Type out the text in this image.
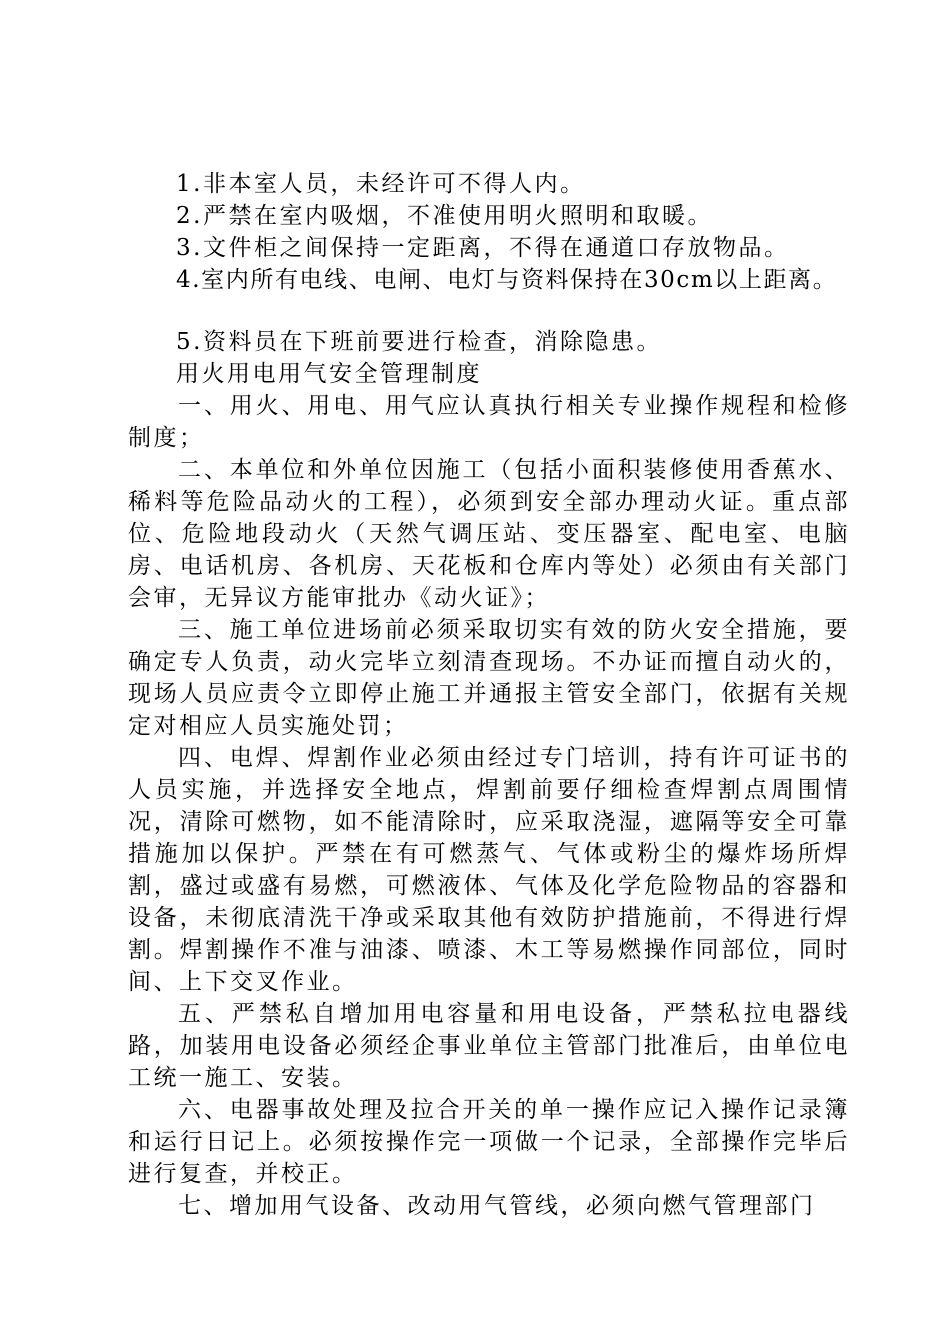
1.非本室人员，未经许可不得人内。

2.严禁在室内吸烟，不准使用明火照明和取暖。

3.文件柜之间保持一定距离，不得在通道口存放物品。

4.室内所有电线、电闸、电灯与资料保持在30cm以上距离。

5.资料员在下班前要进行检查，消除隐患。

用火用电用气安全管理制度

一、用火、用电、用气应认真执行相关专业操作规程和检修制度；

二、本单位和外单位因施工（包括小面积装修使用香蕉水、稀料等危险品动火的工程），必须到安全部办理动火证。重点部位、危险地段动火（天然气调压站、变压器室、配电室、电脑房、电话机房、各机房、天花板和仓库内等处）必须由有关部门会审，无异议方能审批办《动火证》；

三、施工单位进场前必须采取切实有效的防火安全措施，要确定专人负责，动火完毕立刻清查现场。不办证而擅自动火的，现场人员应责令立即停止施工并通报主管安全部门，依据有关规定对相应人员实施处罚；

四、电焊、焊割作业必须由经过专门培训，持有许可证书的人员实施，并选择安全地点，焊割前要仔细检查焊割点周围情况，清除可燃物，如不能清除时，应采取浇湿，遮隔等安全可靠措施加以保护。严禁在有可燃蒸气、气体或粉尘的爆炸场所焊割，盛过或盛有易燃，可燃液体、气体及化学危险物品的容器和设备，未彻底清洗干净或采取其他有效防护措施前，不得进行焊割。焊割操作不准与油漆、喷漆、木工等易燃操作同部位，同时间、上下交叉作业。

五、严禁私自增加用电容量和用电设备，严禁私拉电器线路，加装用电设备必须经企事业单位主管部门批准后，由单位电工统一施工、安装。

六、电器事故处理及拉合开关的单一操作应记入操作记录簿和运行日记上。必须按操作完一项做一个记录，全部操作完毕后进行复查，并校正。

七、增加用气设备、改动用气管线，必须向燃气管理部门
